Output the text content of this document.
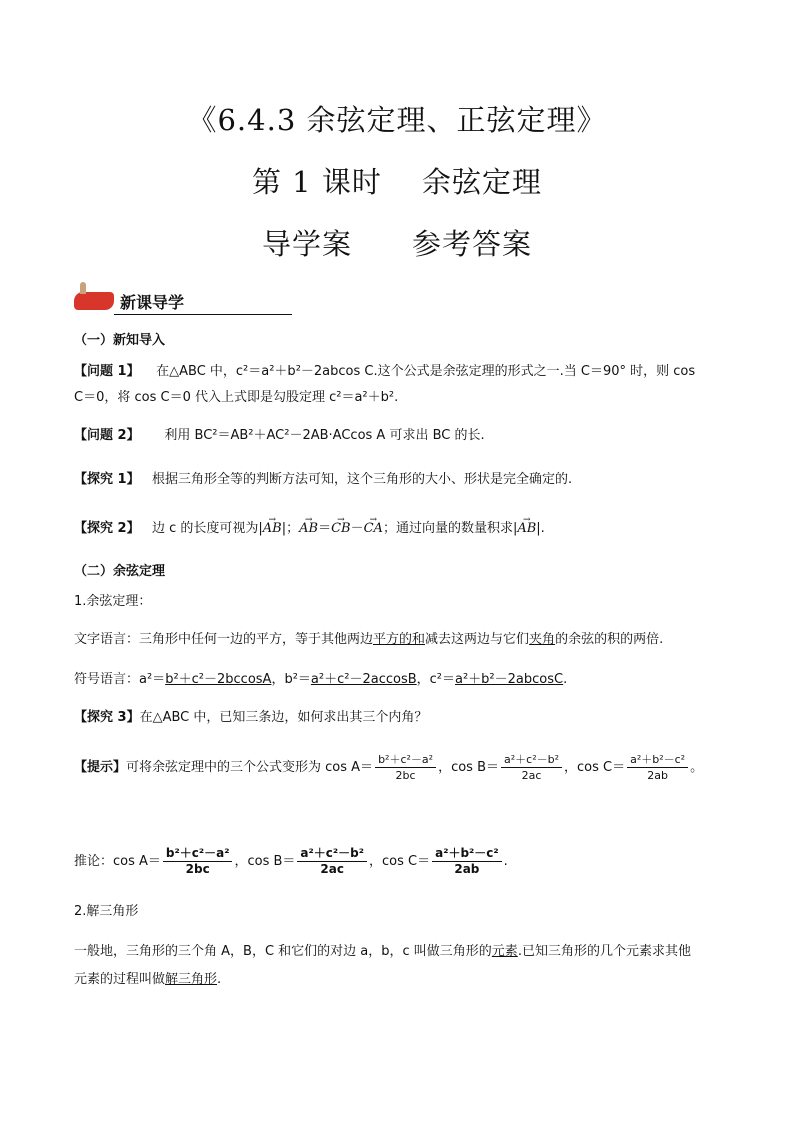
《6.4.3 余弦定理、正弦定理》
第 1 课时　 余弦定理
导学案　　参考答案
新课导学
（一）新知导入
【问题 1】 在△ABC 中，c²＝a²＋b²－2abcos C.这个公式是余弦定理的形式之一.当 C＝90° 时，则 cos
C＝0，将 cos C＝0 代入上式即是勾股定理 c²＝a²＋b².
【问题 2】 利用 BC²＝AB²＋AC²－2AB·ACcos A 可求出 BC 的长.
【探究 1】 根据三角形全等的判断方法可知，这个三角形的大小、形状是完全确定的.
【探究 2】 边 c 的长度可视为|→ AB|；→ AB＝→ CB－→ CA；通过向量的数量积求|→ AB|.
（二）余弦定理
1.余弦定理：
文字语言：三角形中任何一边的平方，等于其他两边平方的和减去这两边与它们夹角的余弦的积的两倍.
符号语言：a²＝b²＋c²－2bccosA，b²＝a²＋c²－2accosB，c²＝a²＋b²－2abcosC.
【探究 3】在△ABC 中，已知三条边，如何求出其三个内角？
【提示】可将余弦定理中的三个公式变形为 $\cos A= \frac{\text{b²＋c²－a²}}{2bc}$ ，$\cos B= \frac{\text{a²＋c²－b²}}{2ac}$ ，$\cos C= \frac{\text{a²＋b²－c²}}{2ab}$ 。
推论：$\cos A= \frac{\text{b²＋c²－a²}}{2bc}$ ，$\cos B= \frac{\text{a²＋c²－b²}}{2ac}$ ，$\cos C= \frac{\text{a²＋b²－c²}}{2ab}$ .
2.解三角形
一般地，三角形的三个角 A，B，C 和它们的对边 a，b，c 叫做三角形的元素.已知三角形的几个元素求其他
元素的过程叫做解三角形.
